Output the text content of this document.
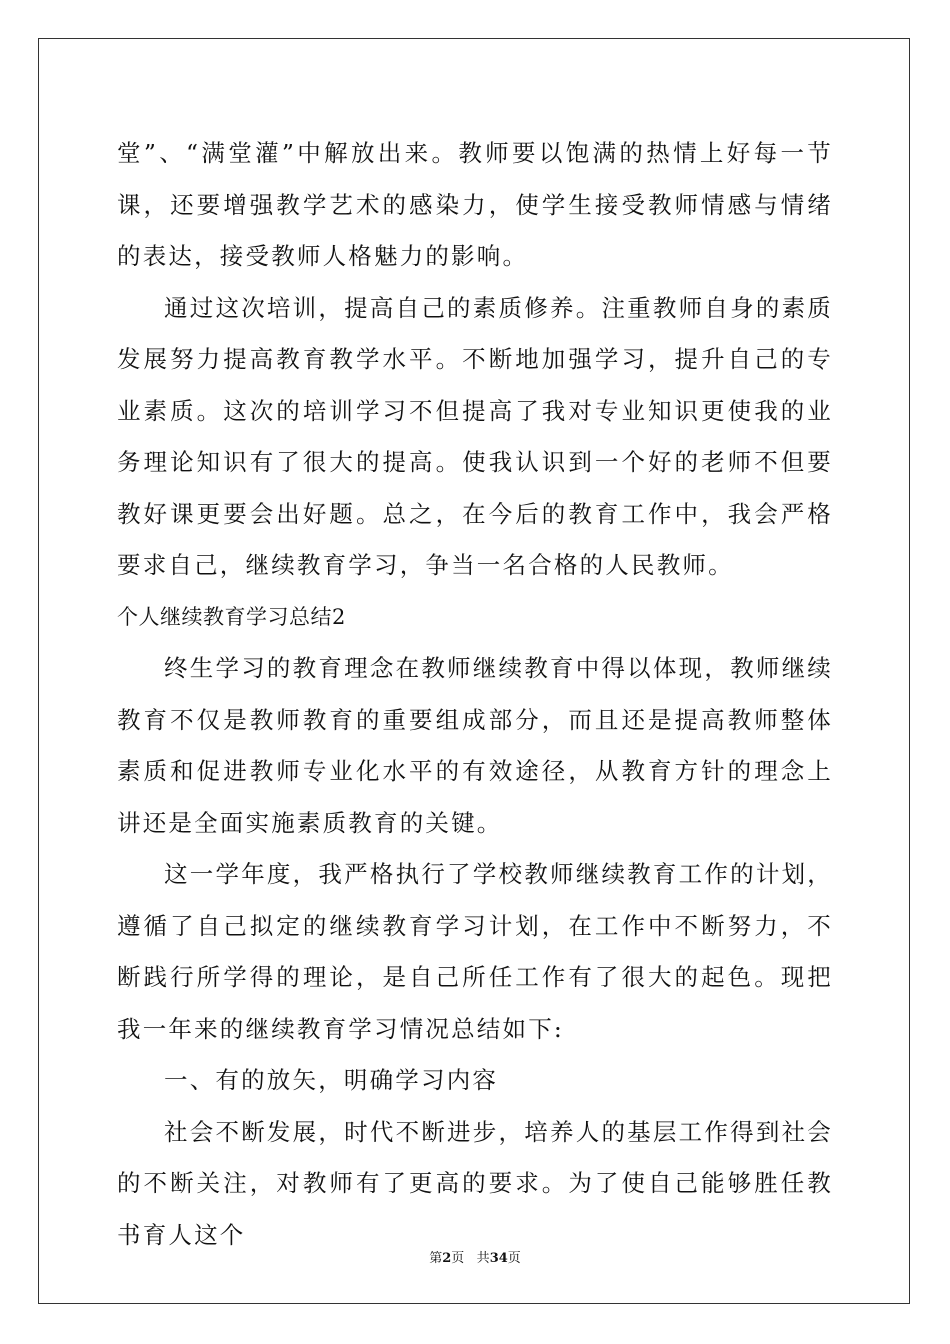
堂”、“满堂灌”中解放出来。教师要以饱满的热情上好每一节课，还要增强教学艺术的感染力，使学生接受教师情感与情绪的表达，接受教师人格魅力的影响。

通过这次培训，提高自己的素质修养。注重教师自身的素质发展努力提高教育教学水平。不断地加强学习，提升自己的专业素质。这次的培训学习不但提高了我对专业知识更使我的业务理论知识有了很大的提高。使我认识到一个好的老师不但要教好课更要会出好题。总之，在今后的教育工作中，我会严格要求自己，继续教育学习，争当一名合格的人民教师。

个人继续教育学习总结2

终生学习的教育理念在教师继续教育中得以体现，教师继续教育不仅是教师教育的重要组成部分，而且还是提高教师整体素质和促进教师专业化水平的有效途径，从教育方针的理念上讲还是全面实施素质教育的关键。

这一学年度，我严格执行了学校教师继续教育工作的计划，遵循了自己拟定的继续教育学习计划，在工作中不断努力，不断践行所学得的理论，是自己所任工作有了很大的起色。现把我一年来的继续教育学习情况总结如下:

一、有的放矢，明确学习内容

社会不断发展，时代不断进步，培养人的基层工作得到社会的不断关注，对教师有了更高的要求。为了使自己能够胜任教书育人这个

第2页 共34页
